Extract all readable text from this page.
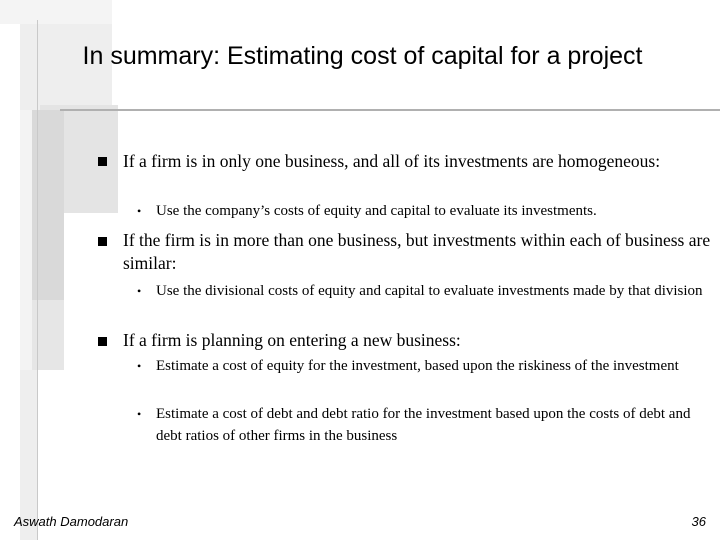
In summary: Estimating cost of capital for a project
If a firm is in only one business, and all of its investments are homogeneous:
• Use the company’s costs of equity and capital to evaluate its investments.
If the firm is in more than one business, but investments within each of business are similar:
• Use the divisional costs of equity and capital to evaluate investments made by that division
If a firm is planning on entering a new business:
• Estimate a cost of equity for the investment, based upon the riskiness of the investment
• Estimate a cost of debt and debt ratio for the investment based upon the costs of debt and debt ratios of other firms in the business
Aswath Damodaran	36
